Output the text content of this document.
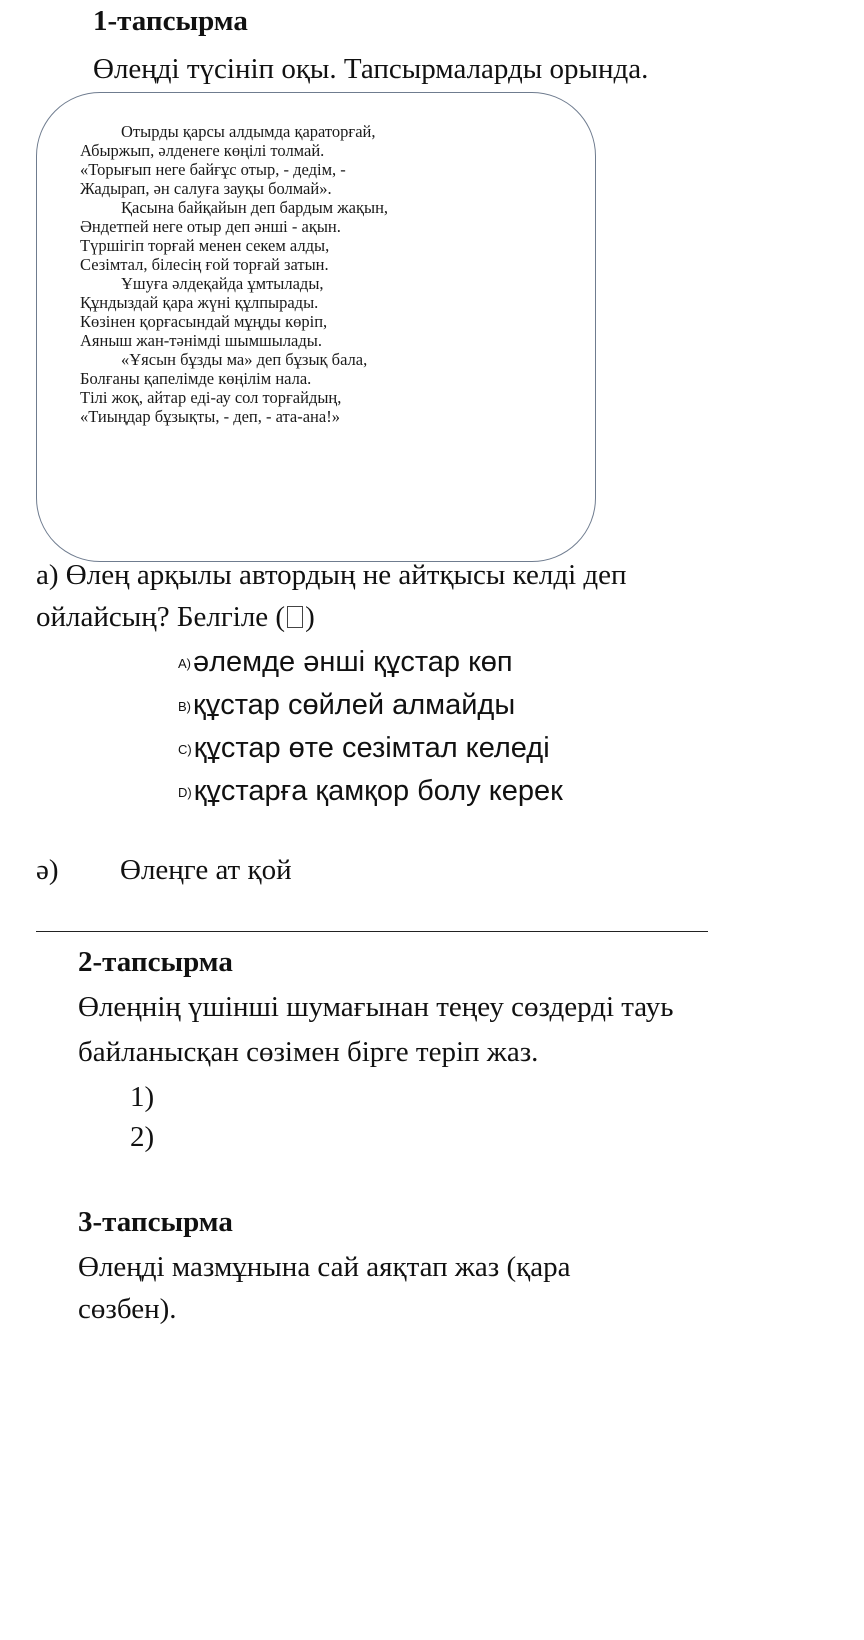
1-тапсырма
Өлеңді түсініп оқы. Тапсырмаларды орында.
Отырды қарсы алдымда қараторғай,
Абыржып, әлденеге көңілі толмай.
«Торығып неге байғұс отыр, - дедім, -
Жадырап, ән салуға зауқы болмай».
Қасына байқайын деп бардым жақын,
Әндетпей неге отыр деп әнші - ақын.
Түршігіп торғай менен секем алды,
Сезімтал, білесің ғой торғай затын.
Ұшуға әлдеқайда ұмтылады,
Құндыздай қара жүні құлпырады.
Көзінен қорғасындай мұңды көріп,
Аяныш жан-тәнімді шымшылады.
«Ұясын бұзды ма» деп бұзық бала,
Болғаны қапелімде көңілім нала.
Тілі жоқ, айтар еді-ау сол торғайдың,
«Тиыңдар бұзықты, - деп, - ата-ана!»
а) Өлең арқылы автордың не айтқысы келді деп
ойлайсың? Белгіле ( )
A)әлемде әнші құстар көп
B)құстар сөйлей алмайды
C)құстар өте сезімтал келеді
D)құстарға қамқор болу керек
ә) Өлеңге ат қой
2-тапсырма
Өлеңнің үшінші шумағынан теңеу сөздерді тауь
байланысқан сөзімен бірге теріп жаз.
1)
2)
3-тапсырма
Өлеңді мазмұнына сай аяқтап жаз (қара
сөзбен).
